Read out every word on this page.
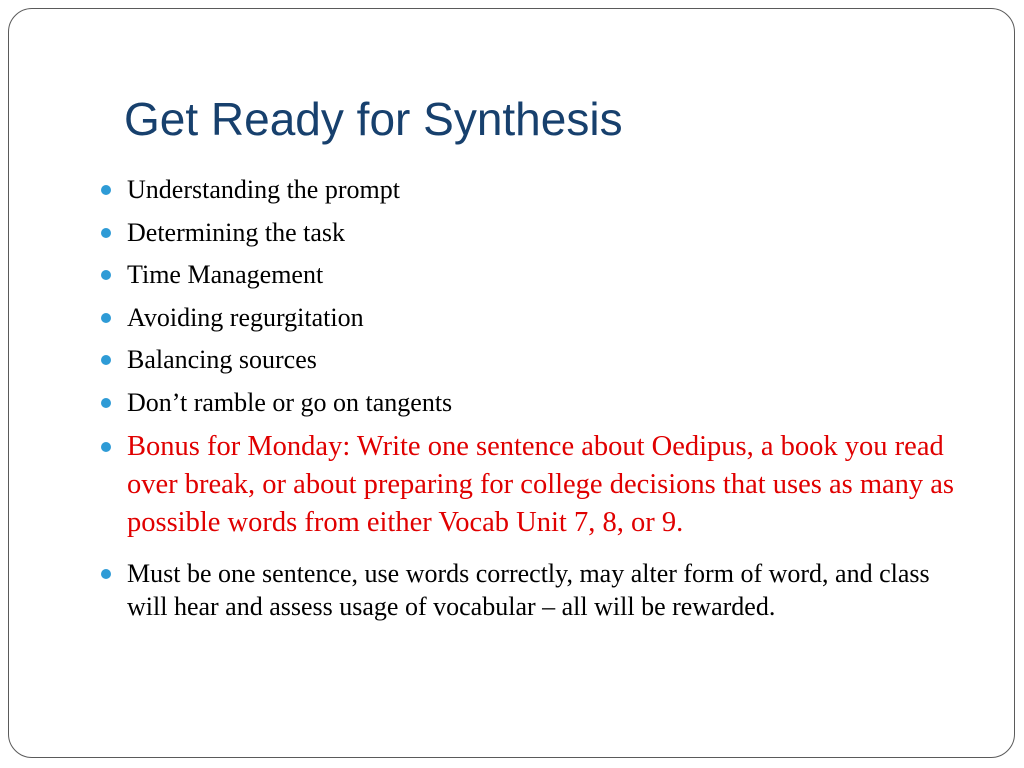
Get Ready for Synthesis
Understanding the prompt
Determining the task
Time Management
Avoiding regurgitation
Balancing sources
Don’t ramble or go on tangents
Bonus for Monday: Write one sentence about Oedipus, a book you read over break, or about preparing for college decisions that uses as many as possible words from either Vocab Unit 7, 8, or 9.
Must be one sentence, use words correctly, may alter form of word, and class will hear and assess usage of vocabular – all will be rewarded.
